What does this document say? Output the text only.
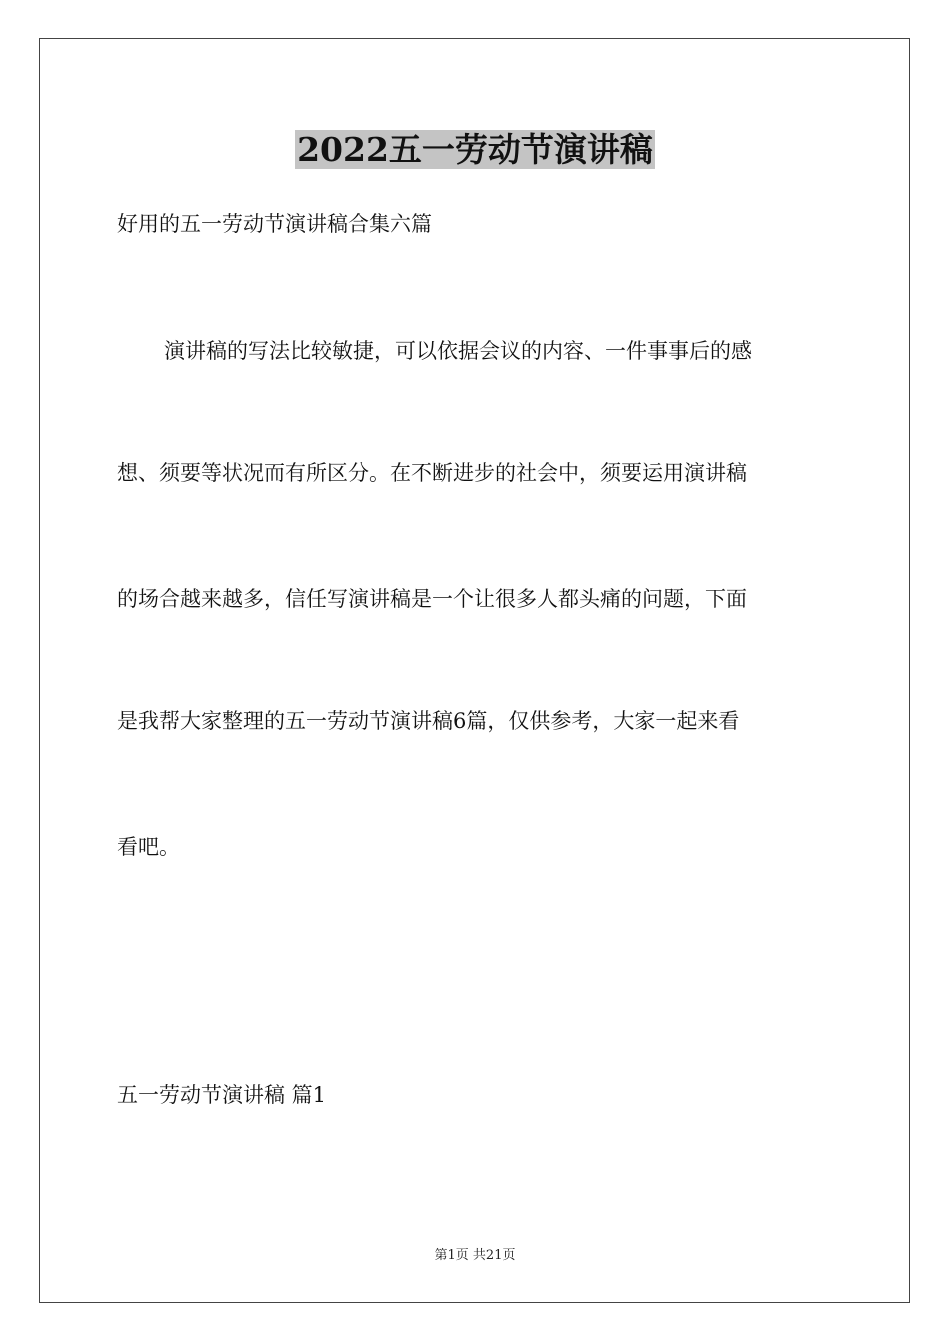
2022五一劳动节演讲稿
好用的五一劳动节演讲稿合集六篇
演讲稿的写法比较敏捷，可以依据会议的内容、一件事事后的感
想、须要等状况而有所区分。在不断进步的社会中，须要运用演讲稿
的场合越来越多，信任写演讲稿是一个让很多人都头痛的问题，下面
是我帮大家整理的五一劳动节演讲稿6篇，仅供参考，大家一起来看
看吧。
五一劳动节演讲稿 篇1
第1页 共21页
